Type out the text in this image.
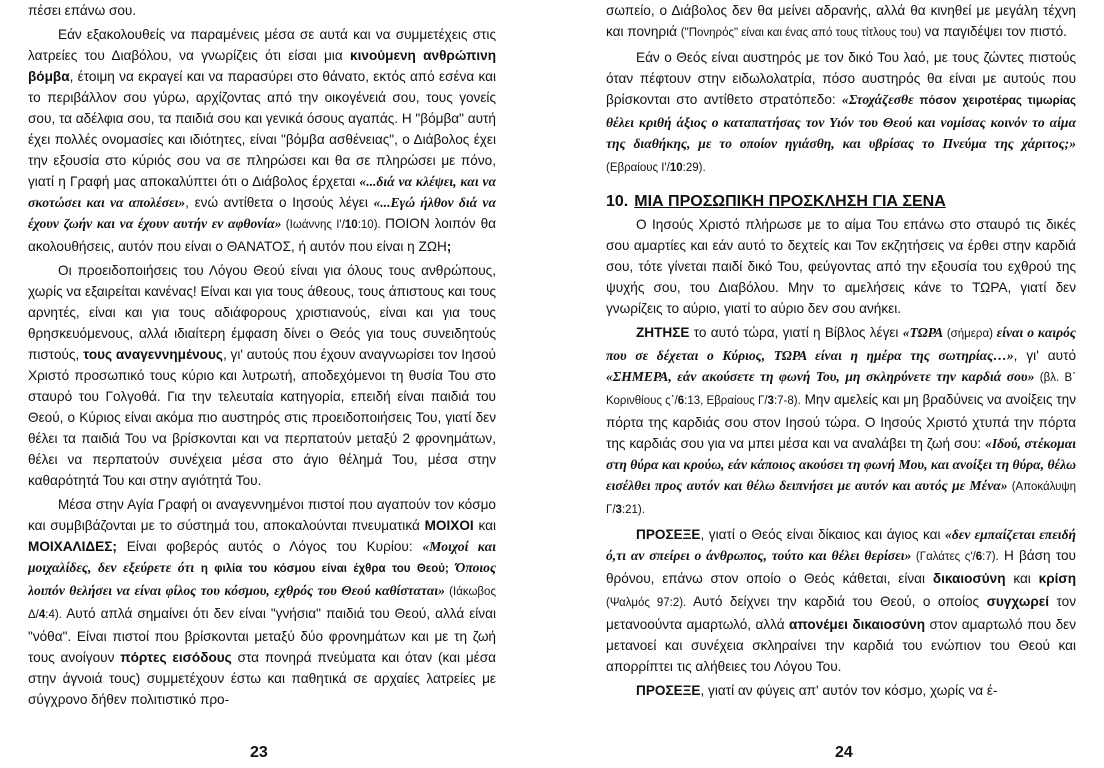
πέσει επάνω σου.

Εάν εξακολουθείς να παραμένεις μέσα σε αυτά και να συμμετέχεις στις λατρείες του Διαβόλου, να γνωρίζεις ότι είσαι μια κινούμενη ανθρώπινη βόμβα, έτοιμη να εκραγεί και να παρασύρει στο θάνατο, εκτός από εσένα και το περιβάλλον σου γύρω, αρχίζοντας από την οικογένειά σου, τους γονείς σου, τα αδέλφια σου, τα παιδιά σου και γενικά όσους αγαπάς. Η "βόμβα" αυτή έχει πολλές ονομασίες και ιδιότητες, είναι "βόμβα ασθένειας", ο Διάβολος έχει την εξουσία στο κύριός σου να σε πληρώσει και θα σε πληρώσει με πόνο, γιατί η Γραφή μας αποκαλύπτει ότι ο Διάβολος έρχεται «...διά να κλέψει, και να σκοτώσει και να απολέσει», ενώ αντίθετα ο Ιησούς λέγει «...Εγώ ήλθον διά να έχουν ζωήν και να έχουν αυτήν εν αφθονία» (Ιωάννης Ι'/10:10). ΠΟΙΟΝ λοιπόν θα ακολουθήσεις, αυτόν που είναι ο ΘΑΝΑΤΟΣ, ή αυτόν που είναι η ΖΩΗ;

Οι προειδοποιήσεις του Λόγου Θεού είναι για όλους τους ανθρώπους, χωρίς να εξαιρείται κανένας! Είναι και για τους άθεους, τους άπιστους και τους αρνητές, είναι και για τους αδιάφορους χριστιανούς, είναι και για τους θρησκευόμενους, αλλά ιδιαίτερη έμφαση δίνει ο Θεός για τους συνειδητούς πιστούς, τους αναγεννημένους, γι' αυτούς που έχουν αναγνωρίσει τον Ιησού Χριστό προσωπικό τους κύριο και λυτρωτή, αποδεχόμενοι τη θυσία Του στο σταυρό του Γολγοθά. Για την τελευταία κατηγορία, επειδή είναι παιδιά του Θεού, ο Κύριος είναι ακόμα πιο αυστηρός στις προειδοποιήσεις Του, γιατί δεν θέλει τα παιδιά Του να βρίσκονται και να περπατούν μεταξύ 2 φρονημάτων, θέλει να περπατούν συνέχεια μέσα στο άγιο θέλημά Του, μέσα στην καθαρότητά Του και στην αγιότητά Του.

Μέσα στην Αγία Γραφή οι αναγεννημένοι πιστοί που αγαπούν τον κόσμο και συμβιβάζονται με το σύστημά του, αποκαλούνται πνευματικά ΜΟΙΧΟΙ και ΜΟΙΧΑΛΙΔΕΣ; Είναι φοβερός αυτός ο Λόγος του Κυρίου: «Μοιχοί και μοιχαλίδες, δεν εξεύρετε ότι η φιλία του κόσμου είναι έχθρα του Θεού; Όποιος λοιπόν θελήσει να είναι φίλος του κόσμου, εχθρός του Θεού καθίσταται» (Ιάκωβος Δ/4:4). Αυτό απλά σημαίνει ότι δεν είναι "γνήσια" παιδιά του Θεού, αλλά είναι "νόθα". Είναι πιστοί που βρίσκονται μεταξύ δύο φρονημάτων και με τη ζωή τους ανοίγουν πόρτες εισόδους στα πονηρά πνεύματα και όταν (και μέσα στην άγνοιά τους) συμμετέχουν έστω και παθητικά σε αρχαίες λατρείες με σύγχρονο δήθεν πολιτιστικό προ-

23

σωπείο, ο Διάβολος δεν θα μείνει αδρανής, αλλά θα κινηθεί με μεγάλη τέχνη και πονηριά ("Πονηρός" είναι και ένας από τους τίτλους του) να παγιδέψει τον πιστό.

Εάν ο Θεός είναι αυστηρός με τον δικό Του λαό, με τους ζώντες πιστούς όταν πέφτουν στην ειδωλολατρία, πόσο αυστηρός θα είναι με αυτούς που βρίσκονται στο αντίθετο στρατόπεδο: «Στοχάζεσθε πόσον χειροτέρας τιμωρίας θέλει κριθή άξιος ο καταπατήσας τον Υιόν του Θεού και νομίσας κοινόν το αίμα της διαθήκης, με το οποίον ηγιάσθη, και υβρίσας το Πνεύμα της χάριτος;» (Εβραίους Ι'/10:29).

10. ΜΙΑ ΠΡΟΣΩΠΙΚΗ ΠΡΟΣΚΛΗΣΗ ΓΙΑ ΣΕΝΑ

Ο Ιησούς Χριστό πλήρωσε με το αίμα Του επάνω στο σταυρό τις δικές σου αμαρτίες και εάν αυτό το δεχτείς και Τον εκζητήσεις να έρθει στην καρδιά σου, τότε γίνεται παιδί δικό Του, φεύγοντας από την εξουσία του εχθρού της ψυχής σου, του Διαβόλου. Μην το αμελήσεις κάνε το ΤΩΡΑ, γιατί δεν γνωρίζεις το αύριο, γιατί το αύριο δεν σου ανήκει.

ΖΗΤΗΣΕ το αυτό τώρα, γιατί η Βίβλος λέγει «ΤΩΡΑ (σήμερα) είναι ο καιρός που σε δέχεται ο Κύριος, ΤΩΡΑ είναι η ημέρα της σωτηρίας…», γι' αυτό «ΣΗΜΕΡΑ, εάν ακούσετε τη φωνή Του, μη σκληρύνετε την καρδιά σου» (βλ. Β΄ Κορινθίους ς΄/6:13, Εβραίους Γ/3:7-8). Μην αμελείς και μη βραδύνεις να ανοίξεις την πόρτα της καρδιάς σου στον Ιησού τώρα. Ο Ιησούς Χριστό χτυπά την πόρτα της καρδιάς σου για να μπει μέσα και να αναλάβει τη ζωή σου: «Ιδού, στέκομαι στη θύρα και κρούω, εάν κάποιος ακούσει τη φωνή Μου, και ανοίξει τη θύρα, θέλω εισέλθει προς αυτόν και θέλω δειπνήσει με αυτόν και αυτός με Μένα» (Αποκάλυψη Γ/3:21).

ΠΡΟΣΕΞΕ, γιατί ο Θεός είναι δίκαιος και άγιος και «δεν εμπαίζεται επειδή ό,τι αν σπείρει ο άνθρωπος, τούτο και θέλει θερίσει» (Γαλάτες ς'/6:7). Η βάση του θρόνου, επάνω στον οποίο ο Θεός κάθεται, είναι δικαιοσύνη και κρίση (Ψαλμός 97:2). Αυτό δείχνει την καρδιά του Θεού, ο οποίος συγχωρεί τον μετανοούντα αμαρτωλό, αλλά απονέμει δικαιοσύνη στον αμαρτωλό που δεν μετανοεί και συνέχεια σκληραίνει την καρδιά του ενώπιον του Θεού και απορρίπτει τις αλήθειες του Λόγου Του.

ΠΡΟΣΕΞΕ, γιατί αν φύγεις απ' αυτόν τον κόσμο, χωρίς να έ-

24
